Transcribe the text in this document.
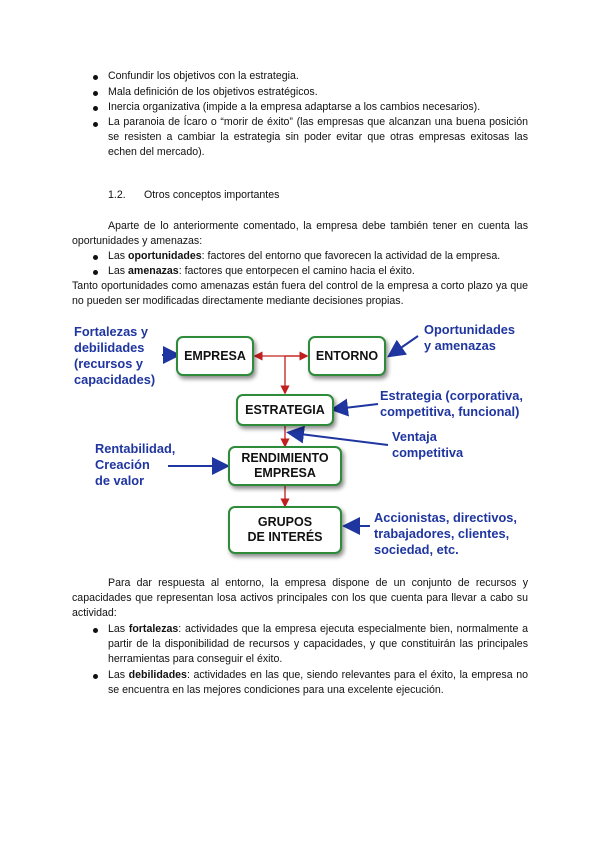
Confundir los objetivos con la estrategia.
Mala definición de los objetivos estratégicos.
Inercia organizativa (impide a la empresa adaptarse a los cambios necesarios).
La paranoia de Ícaro o “morir de éxito” (las empresas que alcanzan una buena posición se resisten a cambiar la estrategia sin poder evitar que otras empresas exitosas las echen del mercado).
1.2. Otros conceptos importantes
Aparte de lo anteriormente comentado, la empresa debe también tener en cuenta las oportunidades y amenazas:
Las oportunidades: factores del entorno que favorecen la actividad de la empresa.
Las amenazas: factores que entorpecen el camino hacia el éxito.
Tanto oportunidades como amenazas están fuera del control de la empresa a corto plazo ya que no pueden ser modificadas directamente mediante decisiones propias.
EMPRESA	ENTORNO
ESTRATEGIA
RENDIMIENTO
EMPRESA
GRUPOS
DE INTERÉS
Fortalezas y
debilidades
(recursos y
capacidades)
Oportunidades
y amenazas
Estrategia (corporativa,
competitiva, funcional)
Ventaja
competitiva
Rentabilidad,
Creación
de valor
Accionistas, directivos,
trabajadores, clientes,
sociedad, etc.
Para dar respuesta al entorno, la empresa dispone de un conjunto de recursos y capacidades que representan losa activos principales con los que cuenta para llevar a cabo su actividad:
Las fortalezas: actividades que la empresa ejecuta especialmente bien, normalmente a partir de la disponibilidad de recursos y capacidades, y que constituirán las principales herramientas para conseguir el éxito.
Las debilidades: actividades en las que, siendo relevantes para el éxito, la empresa no se encuentra en las mejores condiciones para una excelente ejecución.
